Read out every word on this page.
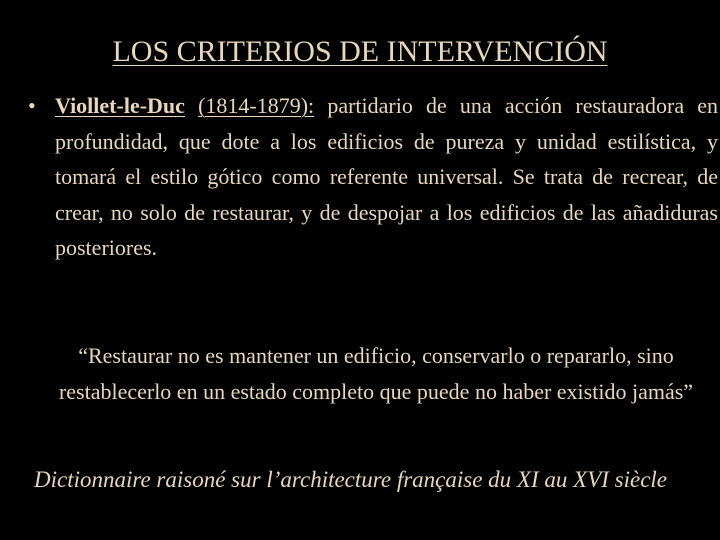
LOS CRITERIOS DE INTERVENCIÓN
• Viollet-le-Duc (1814-1879): partidario de una acción restauradora en profundidad, que dote a los edificios de pureza y unidad estilística, y tomará el estilo gótico como referente universal. Se trata de recrear, de crear, no solo de restaurar, y de despojar a los edificios de las añadiduras posteriores.
“Restaurar no es mantener un edificio, conservarlo o repararlo, sino restablecerlo en un estado completo que puede no haber existido jamás”
Dictionnaire raisoné sur l’architecture française du XI au XVI siècle
